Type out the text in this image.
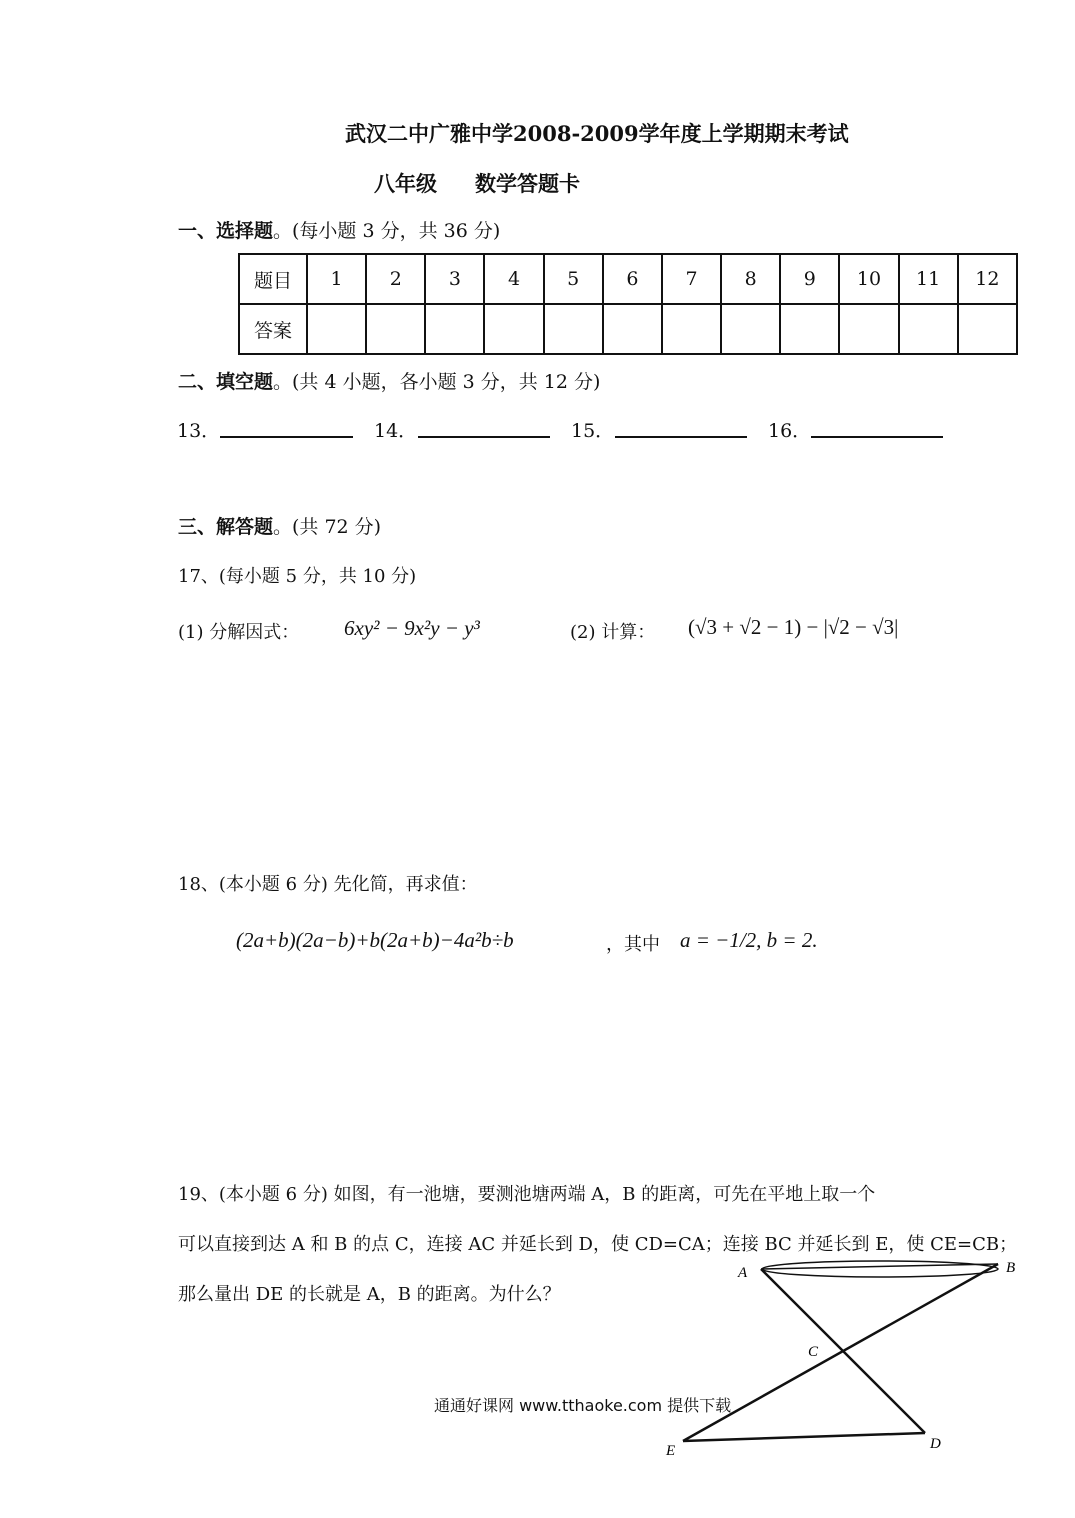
武汉二中广雅中学2008-2009学年度上学期期末考试
八年级 数学答题卡
一、选择题。(每小题 3 分，共 36 分)
题目	1	2	3	4	5	6	7	8	9	10	11	12
答案												
二、填空题。(共 4 小题，各小题 3 分，共 12 分)
13．	14．	15．	16．
三、解答题。(共 72 分)
17、(每小题 5 分，共 10 分)
(1) 分解因式： 6xy² − 9x²y − y³	(2) 计算： (√3 + √2 − 1) − |√2 − √3|
18、(本小题 6 分) 先化简，再求值：
(2a+b)(2a−b)+b(2a+b)−4a²b÷b	，其中 a = −1/2, b = 2.
19、(本小题 6 分) 如图，有一池塘，要测池塘两端 A，B 的距离，可先在平地上取一个
可以直接到达 A 和 B 的点 C，连接 AC 并延长到 D，使 CD=CA；连接 BC 并延长到 E，使 CE=CB；
那么量出 DE 的长就是 A，B 的距离。为什么？
A	B
C
D
E
通通好课网 www.tthaoke.com 提供下载
